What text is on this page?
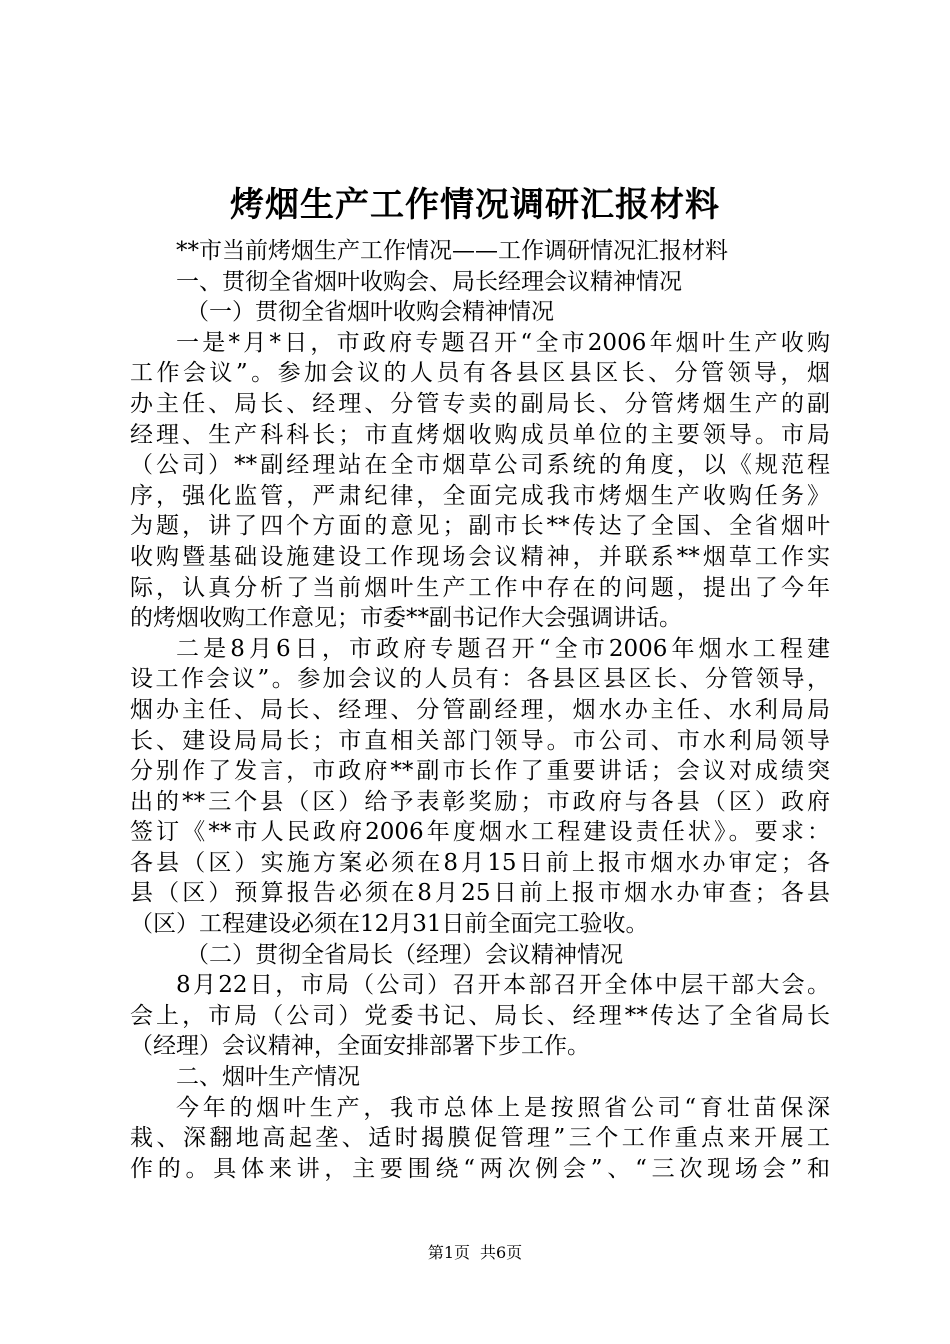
烤烟生产工作情况调研汇报材料
**市当前烤烟生产工作情况——工作调研情况汇报材料
一、贯彻全省烟叶收购会、局长经理会议精神情况
（一）贯彻全省烟叶收购会精神情况
一是*月*日，市政府专题召开“全市2006年烟叶生产收购
工作会议”。参加会议的人员有各县区县区长、分管领导，烟
办主任、局长、经理、分管专卖的副局长、分管烤烟生产的副
经理、生产科科长；市直烤烟收购成员单位的主要领导。市局
（公司）**副经理站在全市烟草公司系统的角度，以《规范程
序，强化监管，严肃纪律，全面完成我市烤烟生产收购任务》
为题，讲了四个方面的意见；副市长**传达了全国、全省烟叶
收购暨基础设施建设工作现场会议精神，并联系**烟草工作实
际，认真分析了当前烟叶生产工作中存在的问题，提出了今年
的烤烟收购工作意见；市委**副书记作大会强调讲话。
二是8月6日，市政府专题召开“全市2006年烟水工程建
设工作会议”。参加会议的人员有：各县区县区长、分管领导，
烟办主任、局长、经理、分管副经理，烟水办主任、水利局局
长、建设局局长；市直相关部门领导。市公司、市水利局领导
分别作了发言，市政府**副市长作了重要讲话；会议对成绩突
出的**三个县（区）给予表彰奖励；市政府与各县（区）政府
签订《**市人民政府2006年度烟水工程建设责任状》。要求：
各县（区）实施方案必须在8月15日前上报市烟水办审定；各
县（区）预算报告必须在8月25日前上报市烟水办审查；各县
（区）工程建设必须在12月31日前全面完工验收。
（二）贯彻全省局长（经理）会议精神情况
8月22日，市局（公司）召开本部召开全体中层干部大会。
会上，市局（公司）党委书记、局长、经理**传达了全省局长
（经理）会议精神，全面安排部署下步工作。
二、烟叶生产情况
今年的烟叶生产，我市总体上是按照省公司“育壮苗保深
栽、深翻地高起垄、适时揭膜促管理”三个工作重点来开展工
作的。具体来讲，主要围绕“两次例会”、“三次现场会”和
第1页 共6页
